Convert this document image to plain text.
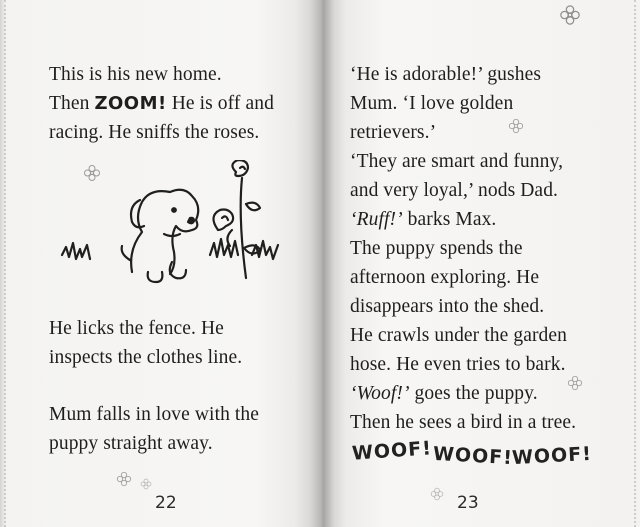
This is his new home.
Then ZOOM! He is off and
racing. He sniffs the roses.
He licks the fence. He
inspects the clothes line.
Mum falls in love with the
puppy straight away.
22
‘He is adorable!’ gushes
Mum. ‘I love golden
retrievers.’
‘They are smart and funny,
and very loyal,’ nods Dad.
‘Ruff!’ barks Max.
The puppy spends the
afternoon exploring. He
disappears into the shed.
He crawls under the garden
hose. He even tries to bark.
‘Woof!’ goes the puppy.
Then he sees a bird in a tree.
WOOF! WOOF!
WOOF!
23
